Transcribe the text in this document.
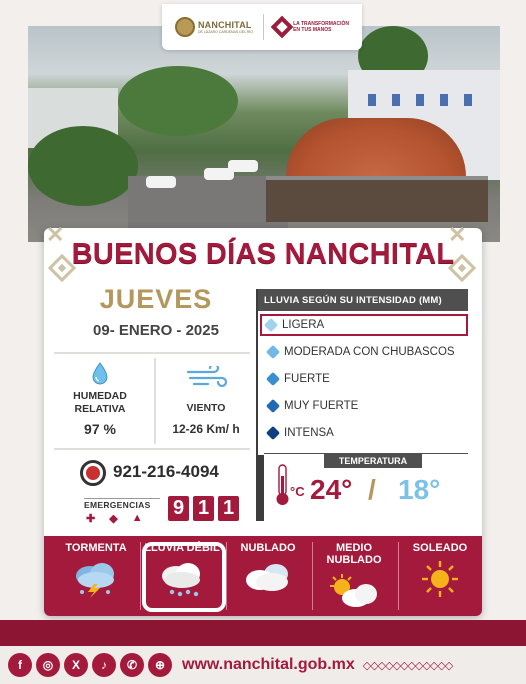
NANCHITAL
DE LÁZARO CÁRDENAS DEL RÍO
LA TRANSFORMACIÓN
EN TUS MANOS
✕	✕
BUENOS DÍAS NANCHITAL
JUEVES
09- ENERO - 2025
HUMEDAD
RELATIVA
97 %
VIENTO
12-26 Km/ h
921-216-4094
EMERGENCIAS
✚ ◆ ▲ 9 1 1
LLUVIA SEGÚN SU INTENSIDAD (MM)
LIGERA
MODERADA CON CHUBASCOS
FUERTE
MUY FUERTE
INTENSA
TEMPERATURA
°C 24° / 18°
TORMENTA LLUVIA DÉBIL NUBLADO	MEDIO NUBLADO
SOLEADO
f	◎	X	♪	✆	⊕	www.nanchital.gob.mx ◇◇◇◇◇◇◇◇◇◇◇◇
